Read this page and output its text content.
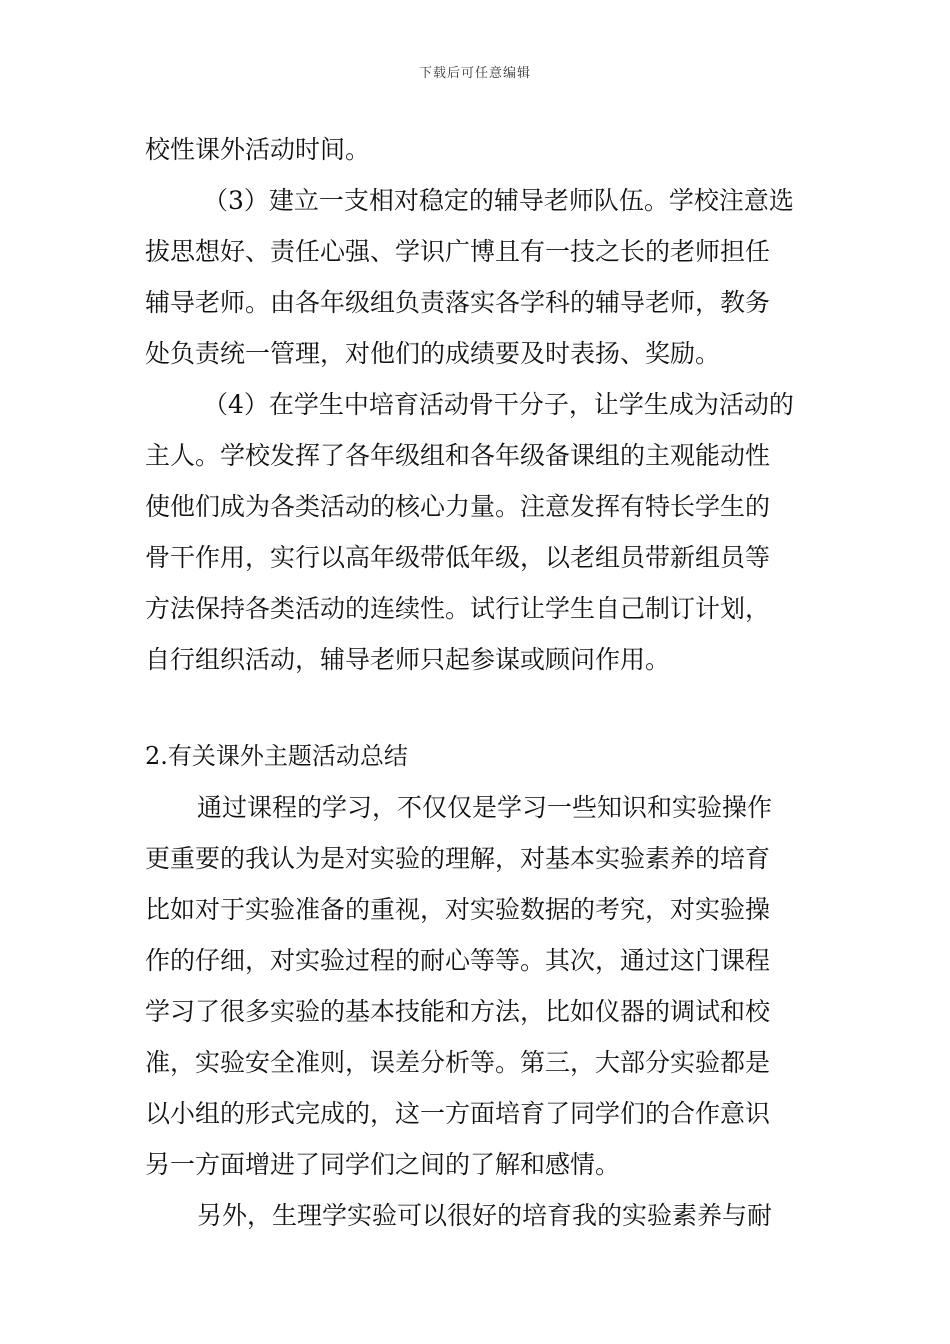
下载后可任意编辑
校性课外活动时间。
（3）建立一支相对稳定的辅导老师队伍。学校注意选
拔思想好、责任心强、学识广博且有一技之长的老师担任
辅导老师。由各年级组负责落实各学科的辅导老师，教务
处负责统一管理，对他们的成绩要及时表扬、奖励。
（4）在学生中培育活动骨干分子，让学生成为活动的
主人。学校发挥了各年级组和各年级备课组的主观能动性
使他们成为各类活动的核心力量。注意发挥有特长学生的
骨干作用，实行以高年级带低年级，以老组员带新组员等
方法保持各类活动的连续性。试行让学生自己制订计划，
自行组织活动，辅导老师只起参谋或顾问作用。
2.有关课外主题活动总结
通过课程的学习，不仅仅是学习一些知识和实验操作
更重要的我认为是对实验的理解，对基本实验素养的培育
比如对于实验准备的重视，对实验数据的考究，对实验操
作的仔细，对实验过程的耐心等等。其次，通过这门课程
学习了很多实验的基本技能和方法，比如仪器的调试和校
准，实验安全准则，误差分析等。第三，大部分实验都是
以小组的形式完成的，这一方面培育了同学们的合作意识
另一方面增进了同学们之间的了解和感情。
另外，生理学实验可以很好的培育我的实验素养与耐
